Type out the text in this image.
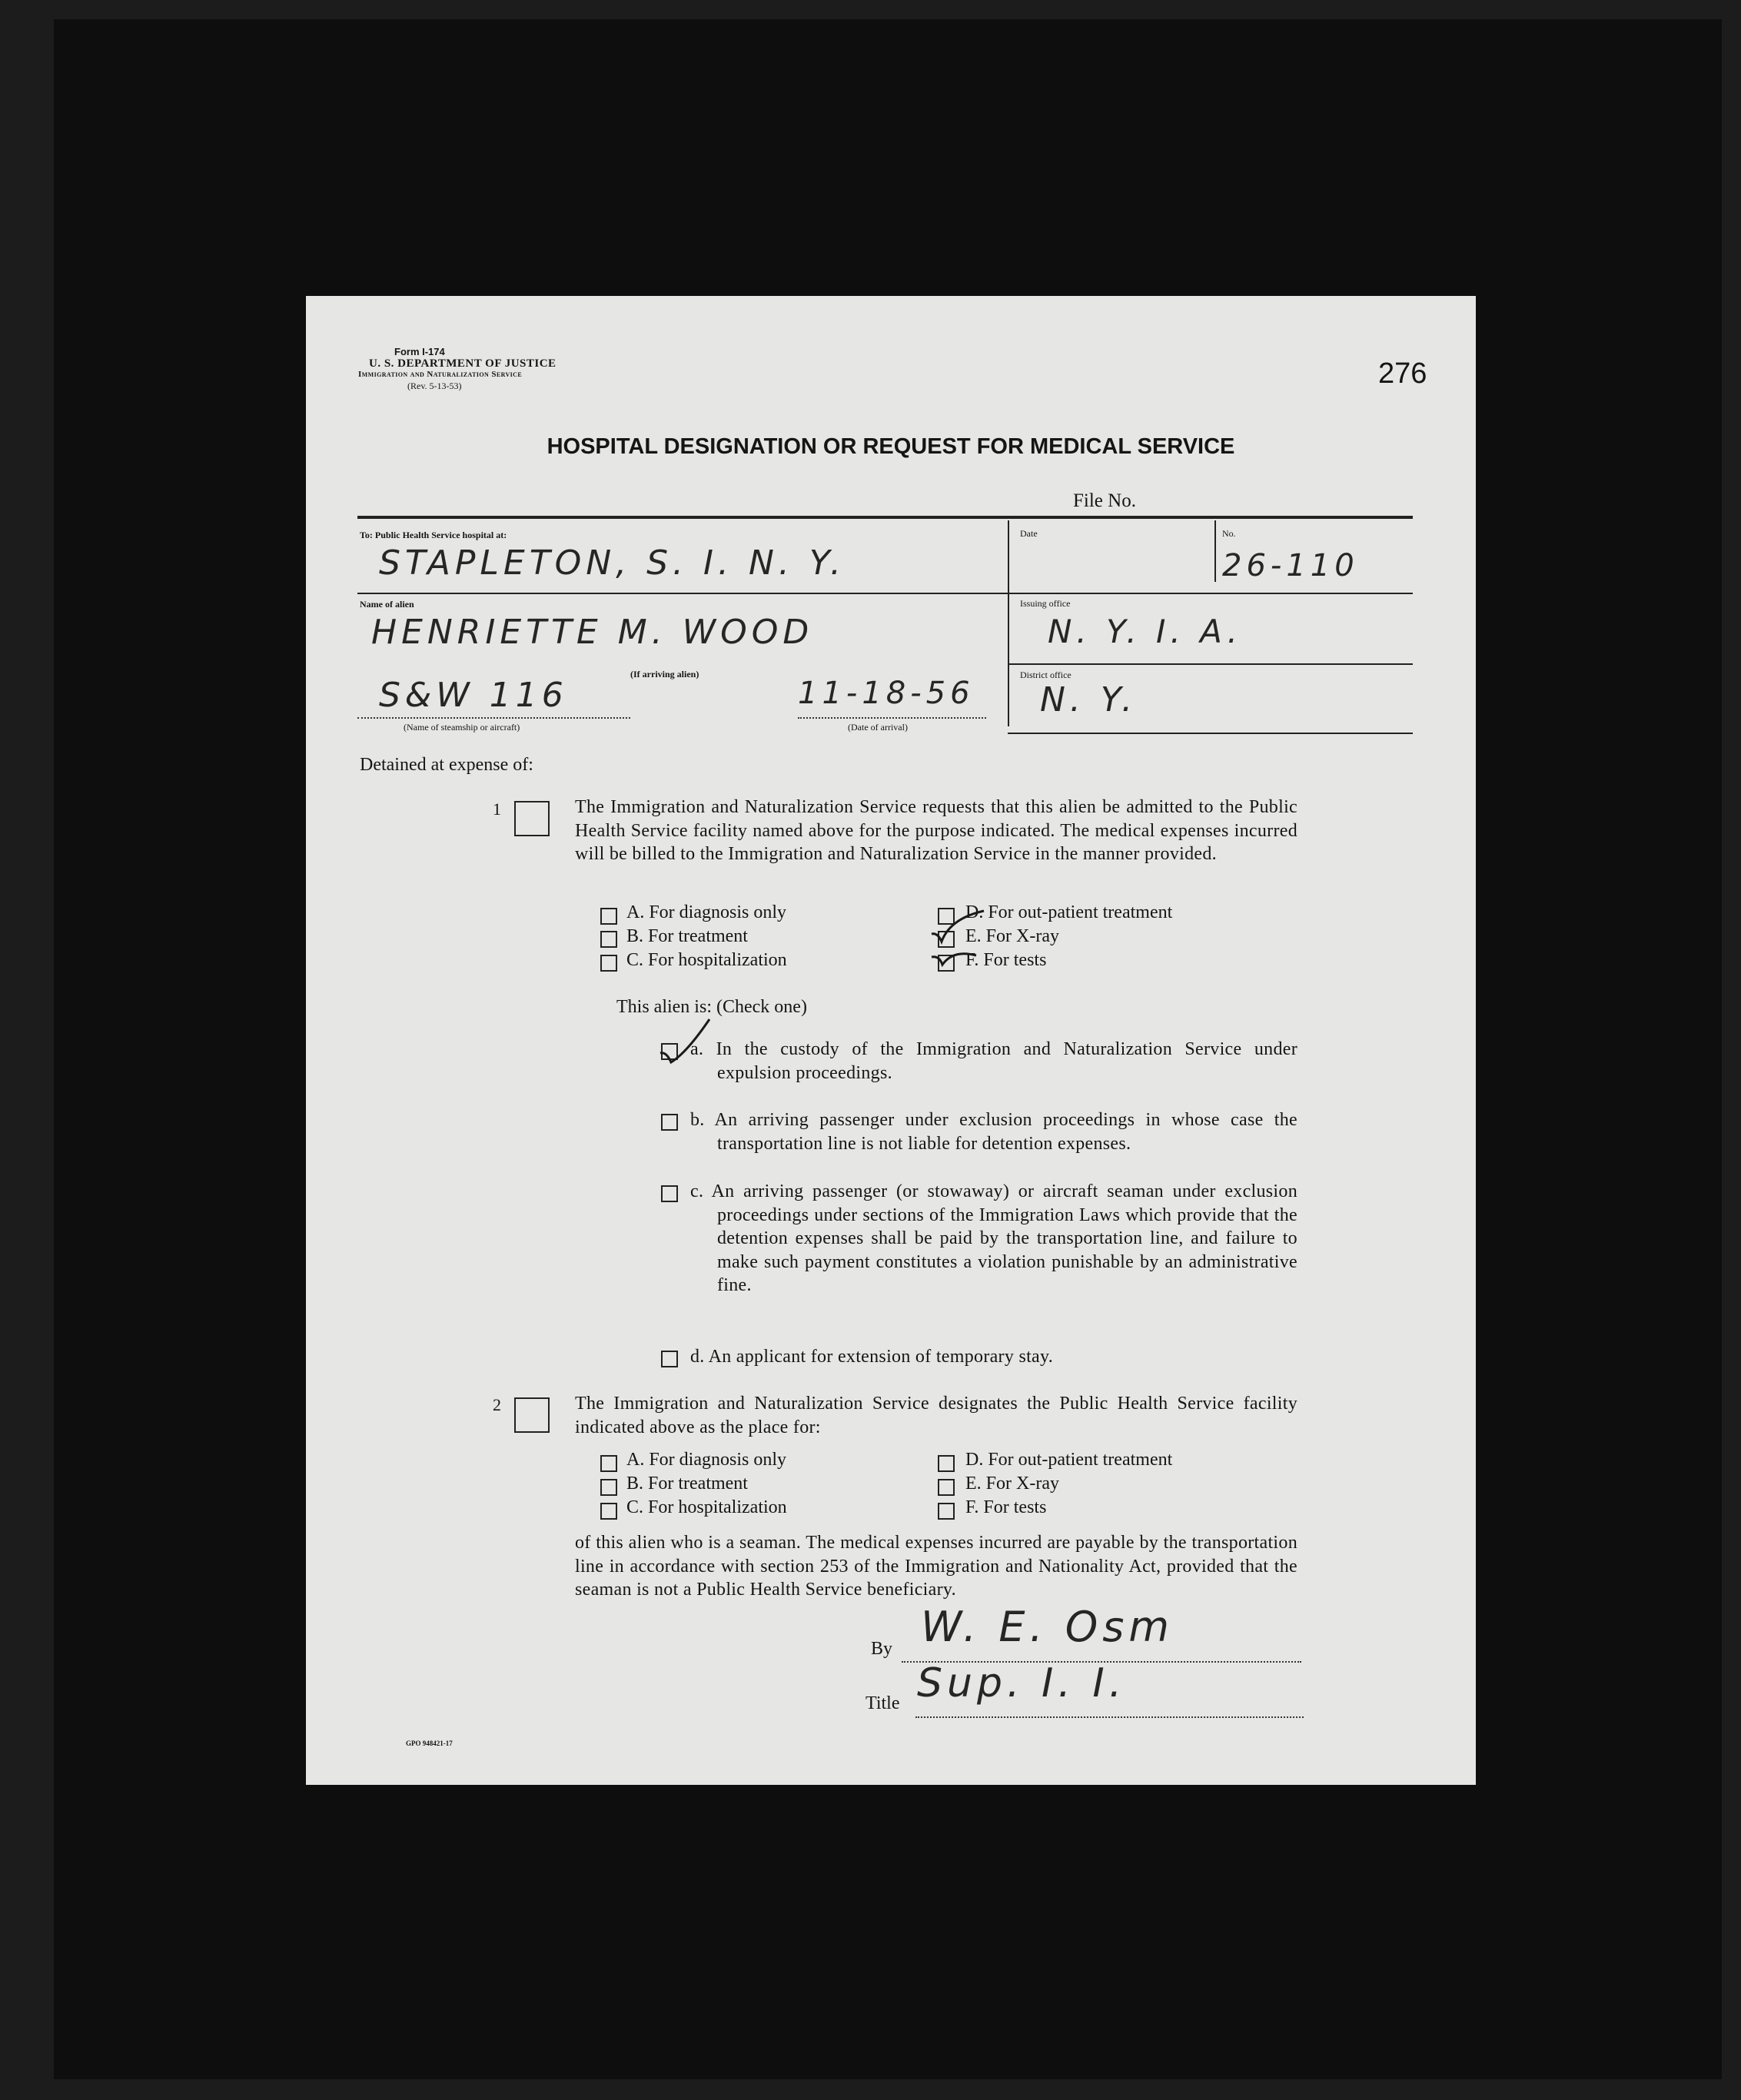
Form I-174
U. S. DEPARTMENT OF JUSTICE
Immigration and Naturalization Service
(Rev. 5-13-53)	276
HOSPITAL DESIGNATION OR REQUEST FOR MEDICAL SERVICE
File No.
To: Public Health Service hospital at:
STAPLETON, S. I. N. Y.
Date	No.
26-110
Name of alien
HENRIETTE M. WOOD
Issuing office
N. Y. I. A.
(If arriving alien)	District office
N. Y.
S&W 116	11-18-56
(Name of steamship or aircraft)	(Date of arrival)
Detained at expense of:
1	The Immigration and Naturalization Service requests that this alien be admitted to the Public Health Service facility named above for the purpose indicated. The medical expenses incurred will be billed to the Immigration and Naturalization Service in the manner provided.
A. For diagnosis only
B. For treatment
C. For hospitalization
D. For out-patient treatment
E. For X-ray
F. For tests
This alien is: (Check one)
a. In the custody of the Immigration and Naturalization Service under expulsion proceedings.
b. An arriving passenger under exclusion proceedings in whose case the transportation line is not liable for detention expenses.
c. An arriving passenger (or stowaway) or aircraft seaman under exclusion proceedings under sections of the Immigration Laws which provide that the detention expenses shall be paid by the transportation line, and failure to make such payment constitutes a violation punishable by an administrative fine.
d. An applicant for extension of temporary stay.
2	The Immigration and Naturalization Service designates the Public Health Service facility indicated above as the place for:
A. For diagnosis only
B. For treatment
C. For hospitalization
D. For out-patient treatment
E. For X-ray
F. For tests
of this alien who is a seaman. The medical expenses incurred are payable by the transportation line in accordance with section 253 of the Immigration and Nationality Act, provided that the seaman is not a Public Health Service beneficiary.
By W. E. Osm
Title Sup. I. I.
GPO 948421-17
